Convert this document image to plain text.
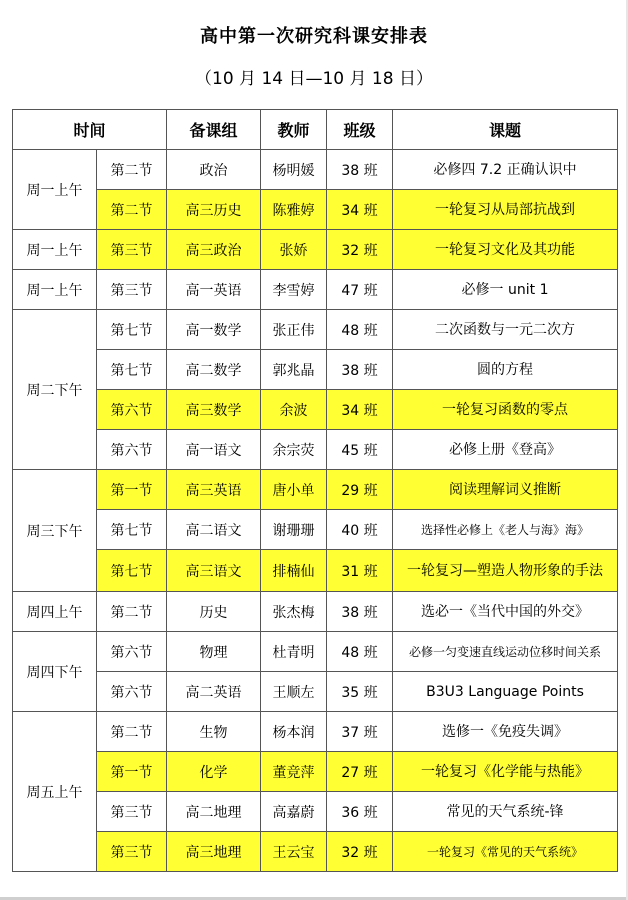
高中第一次研究科课安排表
（10 月 14 日—10 月 18 日）
时间		备课组	教师	班级	课题
周一上午	第二节	政治	杨明媛	38 班	必修四 7.2 正确认识中
	第二节	高三历史	陈雅婷	34 班	一轮复习从局部抗战到
周一上午	第三节	高三政治	张娇	32 班	一轮复习文化及其功能
周一上午	第三节	高一英语	李雪婷	47 班	必修一 unit 1
周二下午	第七节	高一数学	张正伟	48 班	二次函数与一元二次方
	第七节	高二数学	郭兆晶	38 班	圆的方程
	第六节	高三数学	余波	34 班	一轮复习函数的零点
	第六节	高一语文	余宗荧	45 班	必修上册《登高》
周三下午	第一节	高三英语	唐小单	29 班	阅读理解词义推断
	第七节	高二语文	谢珊珊	40 班	选择性必修上《老人与海》海》
	第七节	高三语文	排楠仙	31 班	一轮复习—塑造人物形象的手法
周四上午	第二节	历史	张杰梅	38 班	选必一《当代中国的外交》
周四下午	第六节	物理	杜青明	48 班	必修一匀变速直线运动位移时间关系
	第六节	高二英语	王顺左	35 班	B3U3 Language Points
周五上午	第二节	生物	杨本润	37 班	选修一《免疫失调》
	第一节	化学	董竞萍	27 班	一轮复习《化学能与热能》
	第三节	高二地理	高嘉蔚	36 班	常见的天气系统-锋
	第三节	高三地理	王云宝	32 班	一轮复习《常见的天气系统》
